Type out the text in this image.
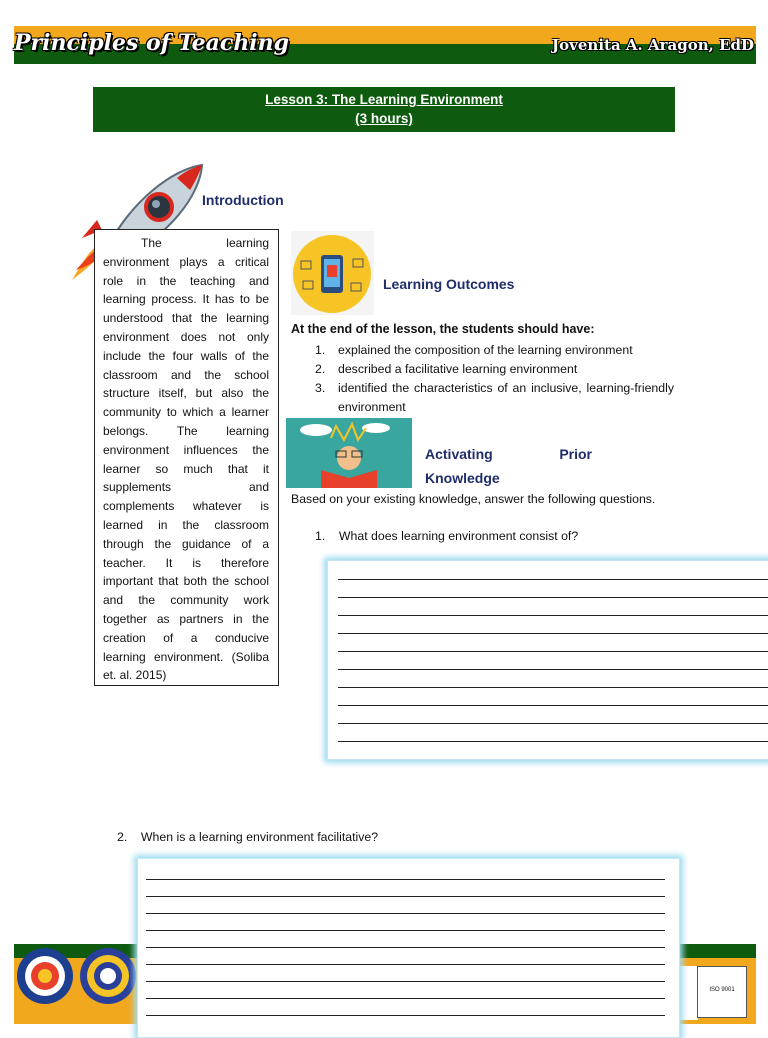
Principles of Teaching	Jovenita A. Aragon, EdD
Lesson 3: The Learning Environment
(3 hours)
Introduction
The learning environment plays a critical role in the teaching and learning process. It has to be understood that the learning environment does not only include the four walls of the classroom and the school structure itself, but also the community to which a learner belongs. The learning environment influences the learner so much that it supplements and complements whatever is learned in the classroom through the guidance of a teacher. It is therefore important that both the school and the community work together as partners in the creation of a conducive learning environment. (Soliba et. al. 2015)
Learning Outcomes
At the end of the lesson, the students should have:
1. explained the composition of the learning environment
2. described a facilitative learning environment
3. identified the characteristics of an inclusive, learning-friendly environment
Activating	Prior

Knowledge
Based on your existing knowledge, answer the following questions.
1.    What does learning environment consist of?
2.    When is a learning environment facilitative?
ISO 9001
